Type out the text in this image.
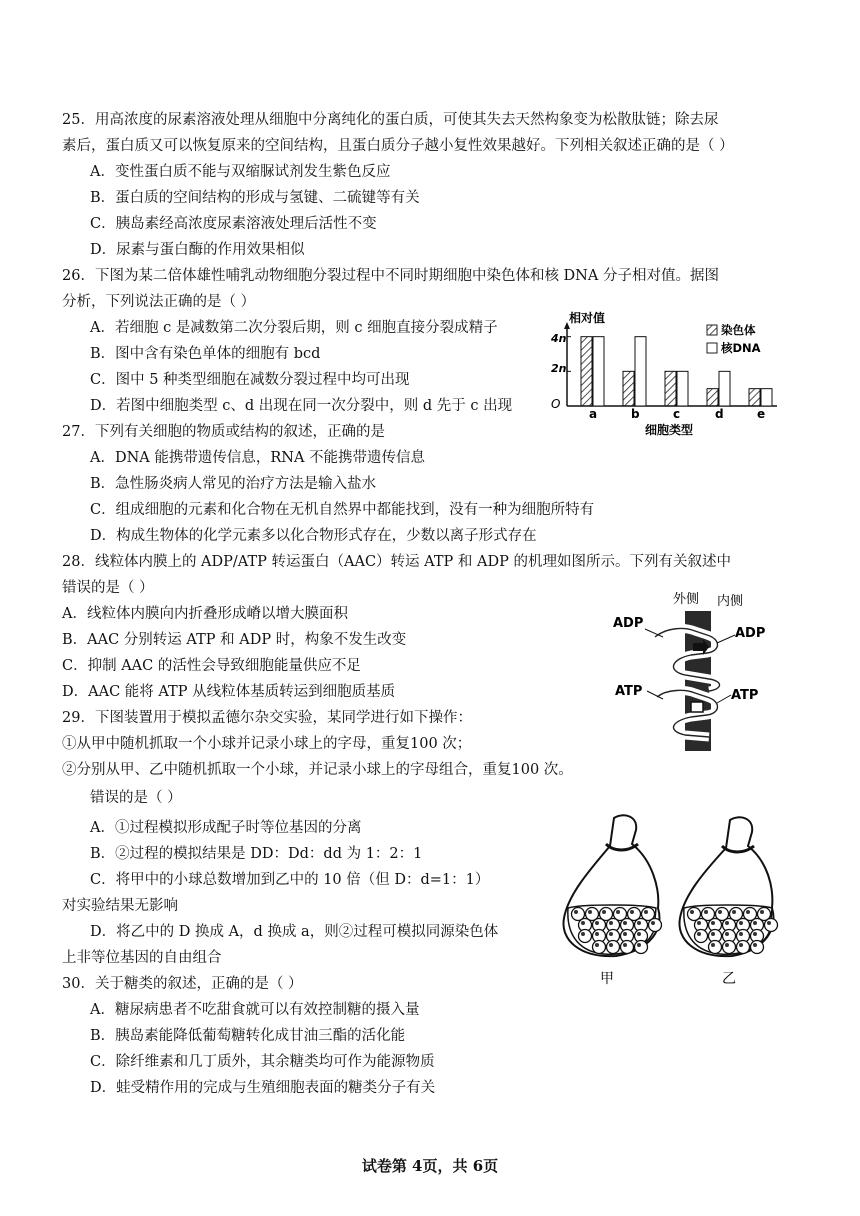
25．用高浓度的尿素溶液处理从细胞中分离纯化的蛋白质，可使其失去天然构象变为松散肽链；除去尿
素后，蛋白质又可以恢复原来的空间结构，且蛋白质分子越小复性效果越好。下列相关叙述正确的是（ ）
A．变性蛋白质不能与双缩脲试剂发生紫色反应
B．蛋白质的空间结构的形成与氢键、二硫键等有关
C．胰岛素经高浓度尿素溶液处理后活性不变
D．尿素与蛋白酶的作用效果相似
26．下图为某二倍体雄性哺乳动物细胞分裂过程中不同时期细胞中染色体和核 DNA 分子相对值。据图
分析，下列说法正确的是（ ）
A．若细胞 c 是减数第二次分裂后期，则 c 细胞直接分裂成精子
B．图中含有染色单体的细胞有 bcd
C．图中 5 种类型细胞在减数分裂过程中均可出现
D．若图中细胞类型 c、d 出现在同一次分裂中，则 d 先于 c 出现	a	b	c	d	e
相对值
O
4n
2n
染色体
核DNA
细胞类型
27．下列有关细胞的物质或结构的叙述，正确的是
A．DNA 能携带遗传信息，RNA 不能携带遗传信息
B．急性肠炎病人常见的治疗方法是输入盐水
C．组成细胞的元素和化合物在无机自然界中都能找到，没有一种为细胞所特有
D．构成生物体的化学元素多以化合物形式存在，少数以离子形式存在
28．线粒体内膜上的 ADP/ATP 转运蛋白（AAC）转运 ATP 和 ADP 的机理如图所示。下列有关叙述中
错误的是（ ）
A．线粒体内膜向内折叠形成嵴以增大膜面积
B．AAC 分别转运 ATP 和 ADP 时，构象不发生改变
C．抑制 AAC 的活性会导致细胞能量供应不足
D．AAC 能将 ATP 从线粒体基质转运到细胞质基质
外侧 内侧
ADP
ADP
ATP	ATP
29．下图装置用于模拟孟德尔杂交实验，某同学进行如下操作：
①从甲中随机抓取一个小球并记录小球上的字母，重复100 次；
②分别从甲、乙中随机抓取一个小球，并记录小球上的字母组合，重复100 次。
错误的是（ ）
A．①过程模拟形成配子时等位基因的分离
B．②过程的模拟结果是 DD：Dd：dd 为 1：2：1
C．将甲中的小球总数增加到乙中的 10 倍（但 D：d=1：1）
对实验结果无影响
D．将乙中的 D 换成 A，d 换成 a，则②过程可模拟同源染色体
上非等位基因的自由组合
甲	乙
30．关于糖类的叙述，正确的是（ ）
A．糖尿病患者不吃甜食就可以有效控制糖的摄入量
B．胰岛素能降低葡萄糖转化成甘油三酯的活化能
C．除纤维素和几丁质外，其余糖类均可作为能源物质
D．蛙受精作用的完成与生殖细胞表面的糖类分子有关
试卷第 4页，共 6页
